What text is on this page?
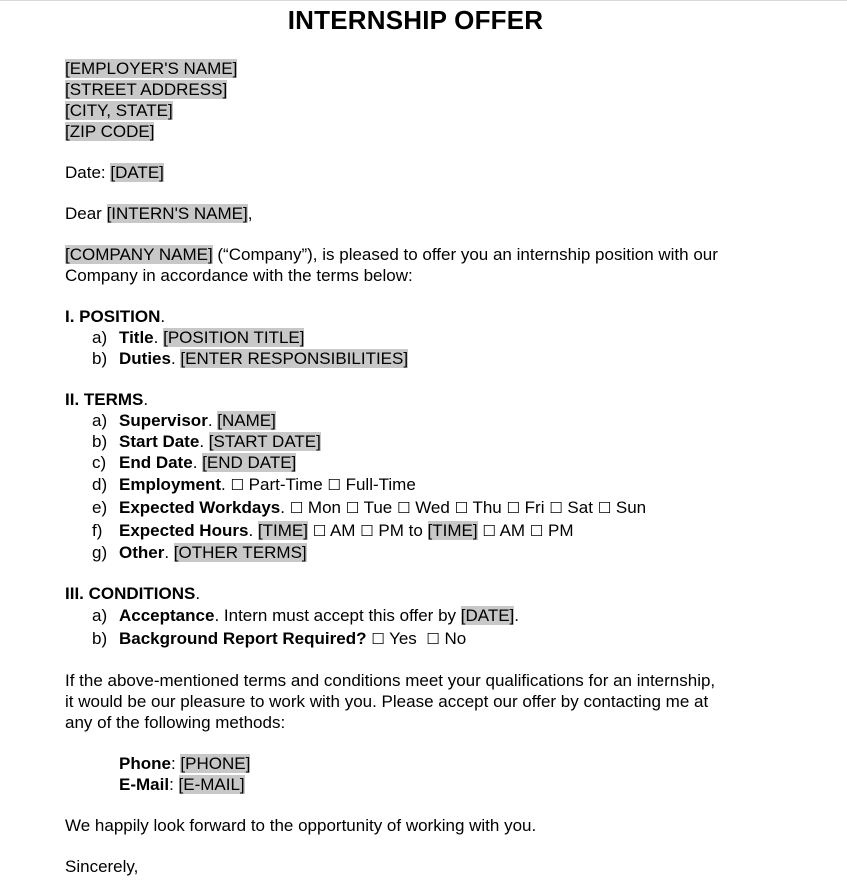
INTERNSHIP OFFER
[EMPLOYER'S NAME]
[STREET ADDRESS]
[CITY, STATE]
[ZIP CODE]
Date: [DATE]
Dear [INTERN'S NAME],
[COMPANY NAME] (“Company”), is pleased to offer you an internship position with our
Company in accordance with the terms below:
I. POSITION.
a) Title. [POSITION TITLE]
b) Duties. [ENTER RESPONSIBILITIES]
II. TERMS.
a) Supervisor. [NAME]
b) Start Date. [START DATE]
c) End Date. [END DATE]
d) Employment. ☐ Part-Time ☐ Full-Time
e) Expected Workdays. ☐ Mon ☐ Tue ☐ Wed ☐ Thu ☐ Fri ☐ Sat ☐ Sun
f) Expected Hours. [TIME] ☐ AM ☐ PM to [TIME] ☐ AM ☐ PM
g) Other. [OTHER TERMS]
III. CONDITIONS.
a) Acceptance. Intern must accept this offer by [DATE].
b) Background Report Required? ☐ Yes ☐ No
If the above-mentioned terms and conditions meet your qualifications for an internship,
it would be our pleasure to work with you. Please accept our offer by contacting me at
any of the following methods:
Phone: [PHONE]
E-Mail: [E-MAIL]
We happily look forward to the opportunity of working with you.
Sincerely,
